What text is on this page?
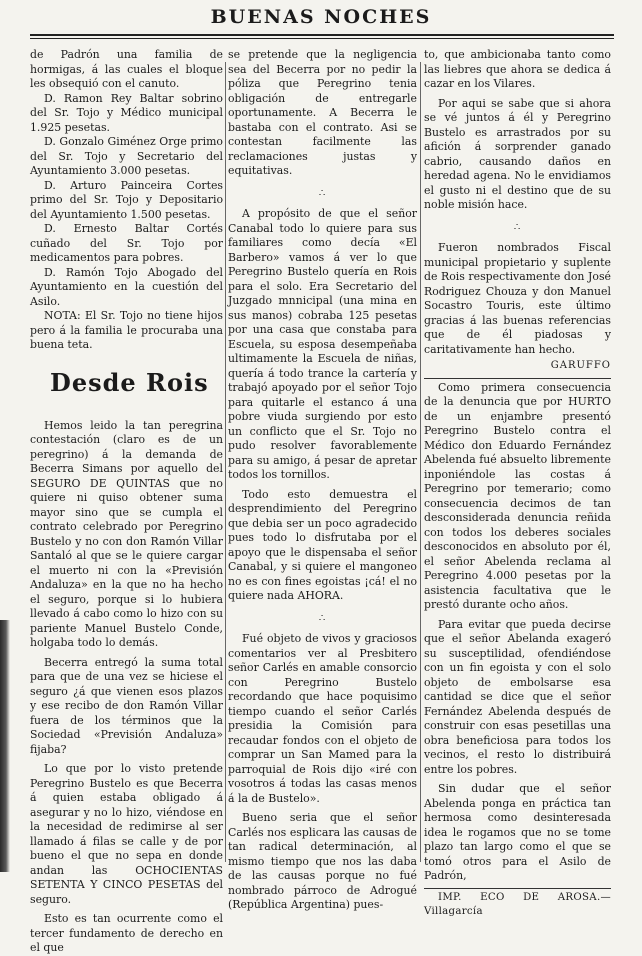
BUENAS NOCHES

de Padrón una familia de hormigas, á las cuales el bloque les obsequió con el canuto.

D. Ramon Rey Baltar sobrino del Sr. Tojo y Médico municipal 1.925 pesetas.

D. Gonzalo Giménez Orge primo del Sr. Tojo y Secretario del Ayuntamiento 3.000 pesetas.

D. Arturo Painceira Cortes primo del Sr. Tojo y Depositario del Ayuntamiento 1.500 pesetas.

D. Ernesto Baltar Cortés cuñado del Sr. Tojo por medicamentos para pobres.

D. Ramón Tojo Abogado del Ayuntamiento en la cuestión del Asilo.

NOTA: El Sr. Tojo no tiene hijos pero á la familia le procuraba una buena teta.

Desde Rois

Hemos leido la tan peregrina contestación (claro es de un peregrino) á la demanda de Becerra Simans por aquello del SEGURO DE QUINTAS que no quiere ni quiso obtener suma mayor sino que se cumpla el contrato celebrado por Peregrino Bustelo y no con don Ramón Villar Santaló al que se le quiere cargar el muerto ni con la «Previsión Andaluza» en la que no ha hecho el seguro, porque si lo hubiera llevado á cabo como lo hizo con su pariente Manuel Bustelo Conde, holgaba todo lo demás.

Becerra entregó la suma total para que de una vez se hiciese el seguro ¿á que vienen esos plazos y ese recibo de don Ramón Villar fuera de los términos que la Sociedad «Previsión Andaluza» fijaba?

Lo que por lo visto pretende Peregrino Bustelo es que Becerra á quien estaba obligado á asegurar y no lo hizo, viéndose en la necesidad de redimirse al ser llamado á filas se calle y de por bueno el que no sepa en donde andan las OCHOCIENTAS SETENTA Y CINCO PESETAS del seguro.

Esto es tan ocurrente como el tercer fundamento de derecho en el que

se pretende que la negligencia sea del Becerra por no pedir la póliza que Peregrino tenia obligación de entregarle oportunamente. A Becerra le bastaba con el contrato. Asi se contestan facilmente las reclamaciones justas y equitativas.

∴

A propósito de que el señor Canabal todo lo quiere para sus familiares como decía «El Barbero» vamos á ver lo que Peregrino Bustelo quería en Rois para el solo. Era Secretario del Juzgado mnnicipal (una mina en sus manos) cobraba 125 pesetas por una casa que constaba para Escuela, su esposa desempeñaba ultimamente la Escuela de niñas, quería á todo trance la cartería y trabajó apoyado por el señor Tojo para quitarle el estanco á una pobre viuda surgiendo por esto un conflicto que el Sr. Tojo no pudo resolver favorablemente para su amigo, á pesar de apretar todos los tornillos.

Todo esto demuestra el desprendimiento del Peregrino que debia ser un poco agradecido pues todo lo disfrutaba por el apoyo que le dispensaba el señor Canabal, y si quiere el mangoneo no es con fines egoistas ¡cá! el no quiere nada AHORA.

∴

Fué objeto de vivos y graciosos comentarios ver al Presbitero señor Carlés en amable consorcio con Peregrino Bustelo recordando que hace poquisimo tiempo cuando el señor Carlés presidia la Comisión para recaudar fondos con el objeto de comprar un San Mamed para la parroquial de Rois dijo «iré con vosotros á todas las casas menos á la de Bustelo».

Bueno seria que el señor Carlés nos esplicara las causas de tan radical determinación, al mismo tiempo que nos las daba de las causas porque no fué nombrado párroco de Adrogué (República Argentina) pues-

to, que ambicionaba tanto como las liebres que ahora se dedica á cazar en los Vilares.

Por aqui se sabe que si ahora se vé juntos á él y Peregrino Bustelo es arrastrados por su afición á sorprender ganado cabrio, causando daños en heredad agena. No le envidiamos el gusto ni el destino que de su noble misión hace.

∴

Fueron nombrados Fiscal municipal propietario y suplente de Rois respectivamente don José Rodriguez Chouza y don Manuel Socastro Touris, este último gracias á las buenas referencias que de él piadosas y caritativamente han hecho.

GARUFFO

Como primera consecuencia de la denuncia que por HURTO de un enjambre presentó Peregrino Bustelo contra el Médico don Eduardo Fernández Abelenda fué absuelto libremente inponiéndole las costas á Peregrino por temerario; como consecuencia decimos de tan desconsiderada denuncia reñida con todos los deberes sociales desconocidos en absoluto por él, el señor Abelenda reclama al Peregrino 4.000 pesetas por la asistencia facultativa que le prestó durante ocho años.

Para evitar que pueda decirse que el señor Abelanda exageró su susceptilidad, ofendiéndose con un fin egoista y con el solo objeto de embolsarse esa cantidad se dice que el señor Fernández Abelenda después de construir con esas pesetillas una obra beneficiosa para todos los vecinos, el resto lo distribuirá entre los pobres.

Sin dudar que el señor Abelenda ponga en práctica tan hermosa como desinteresada idea le rogamos que no se tome plazo tan largo como el que se tomó otros para el Asilo de Padrón,

IMP. ECO DE AROSA.—Villagarcía
